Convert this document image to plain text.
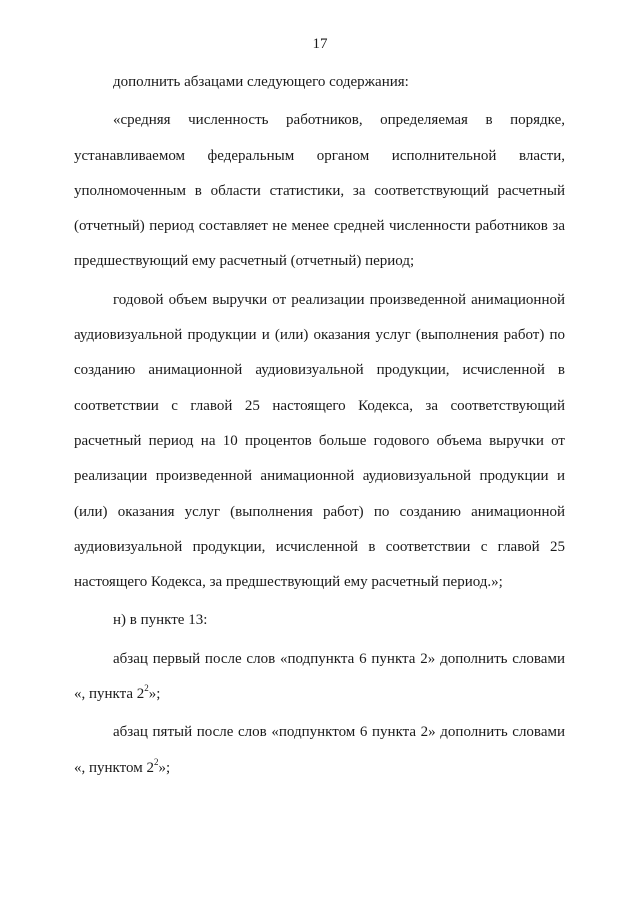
17

дополнить абзацами следующего содержания:

«средняя численность работников, определяемая в порядке, устанавливаемом федеральным органом исполнительной власти, уполномоченным в области статистики, за соответствующий расчетный (отчетный) период составляет не менее средней численности работников за предшествующий ему расчетный (отчетный) период;

годовой объем выручки от реализации произведенной анимационной аудиовизуальной продукции и (или) оказания услуг (выполнения работ) по созданию анимационной аудиовизуальной продукции, исчисленной в соответствии с главой 25 настоящего Кодекса, за соответствующий расчетный период на 10 процентов больше годового объема выручки от реализации произведенной анимационной аудиовизуальной продукции и (или) оказания услуг (выполнения работ) по созданию анимационной аудиовизуальной продукции, исчисленной в соответствии с главой 25 настоящего Кодекса, за предшествующий ему расчетный период.»;

н) в пункте 13:

абзац первый после слов «подпункта 6 пункта 2» дополнить словами «, пункта $2^2$»;

абзац пятый после слов «подпунктом 6 пункта 2» дополнить словами «, пунктом $2^2$»;
